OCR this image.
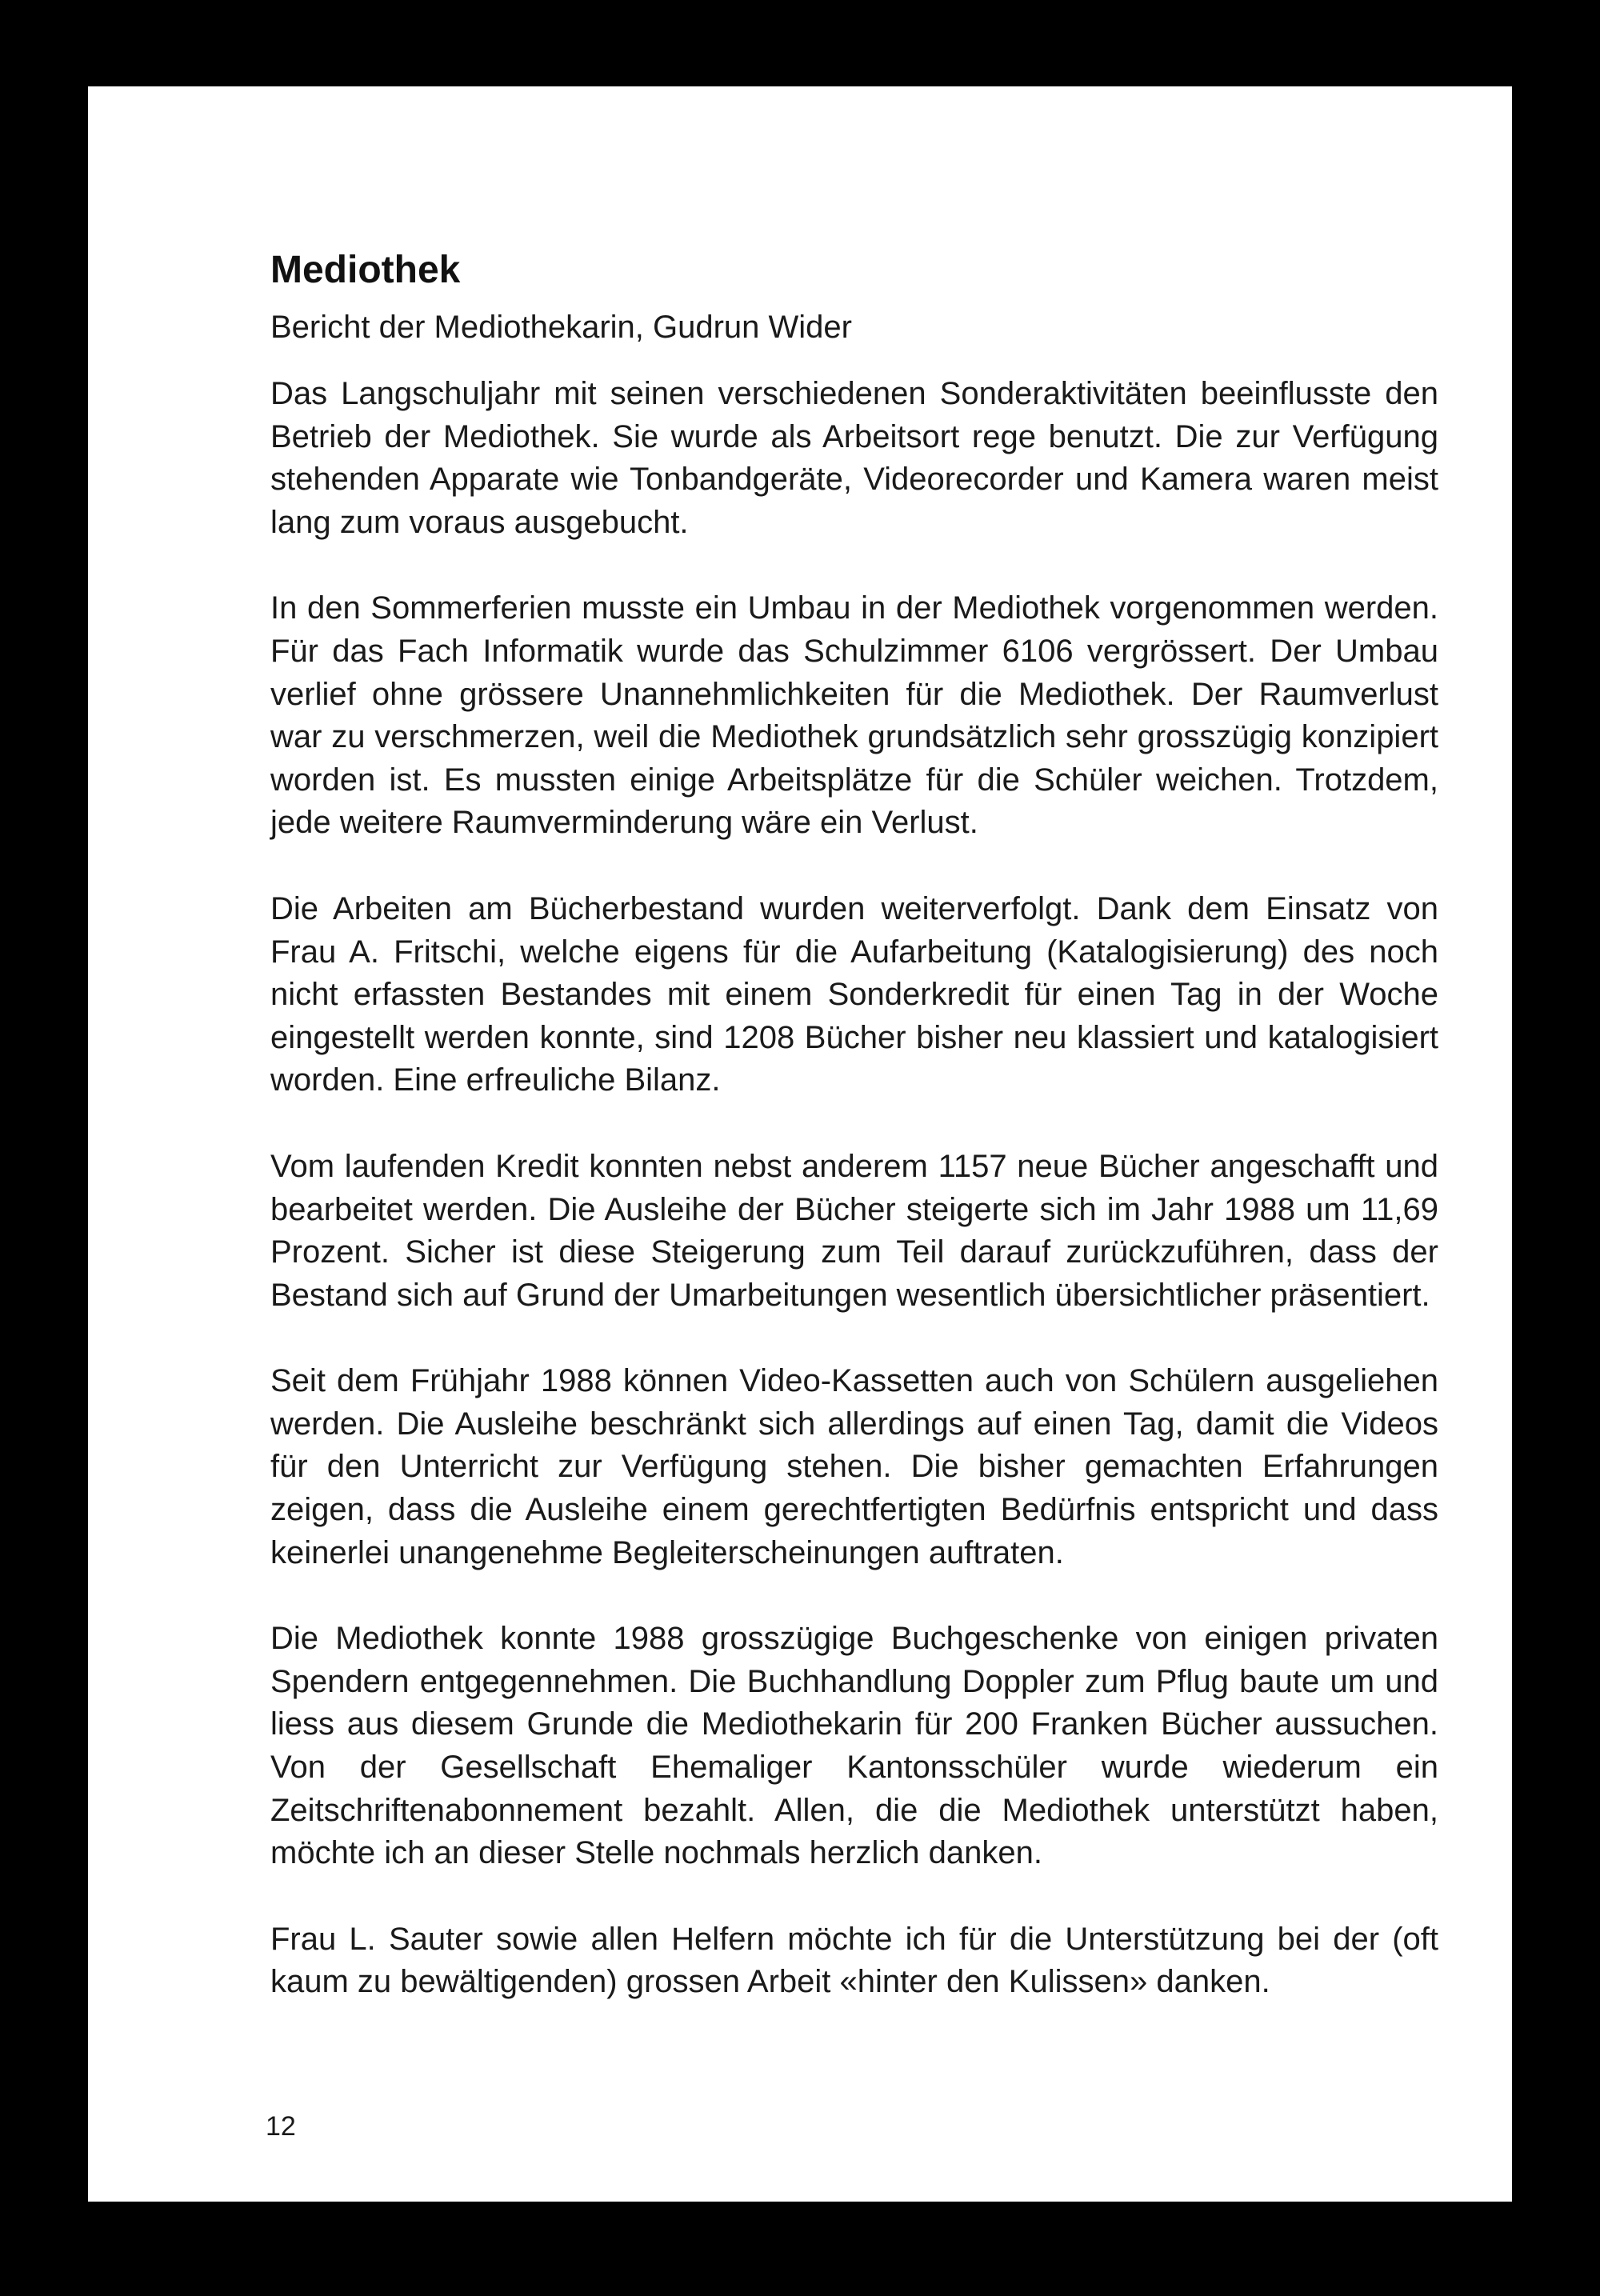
Mediothek
Bericht der Mediothekarin, Gudrun Wider

Das Langschuljahr mit seinen verschiedenen Sonderaktivitäten beeinflusste den Betrieb der Mediothek. Sie wurde als Arbeitsort rege benutzt. Die zur Verfügung stehenden Apparate wie Tonbandgeräte, Videorecorder und Kamera waren meist lang zum voraus ausgebucht.

In den Sommerferien musste ein Umbau in der Mediothek vorgenommen werden. Für das Fach Informatik wurde das Schulzimmer 6106 vergrössert. Der Umbau verlief ohne grössere Unannehmlichkeiten für die Mediothek. Der Raumverlust war zu verschmerzen, weil die Mediothek grundsätzlich sehr grosszügig konzipiert worden ist. Es mussten einige Arbeitsplätze für die Schüler weichen. Trotzdem, jede weitere Raumverminderung wäre ein Verlust.

Die Arbeiten am Bücherbestand wurden weiterverfolgt. Dank dem Einsatz von Frau A. Fritschi, welche eigens für die Aufarbeitung (Katalogisierung) des noch nicht erfassten Bestandes mit einem Sonderkredit für einen Tag in der Woche eingestellt werden konnte, sind 1208 Bücher bisher neu klassiert und katalogisiert worden. Eine erfreuliche Bilanz.

Vom laufenden Kredit konnten nebst anderem 1157 neue Bücher angeschafft und bearbeitet werden. Die Ausleihe der Bücher steigerte sich im Jahr 1988 um 11,69 Prozent. Sicher ist diese Steigerung zum Teil darauf zurückzuführen, dass der Bestand sich auf Grund der Umarbeitungen wesentlich übersichtlicher präsentiert.

Seit dem Frühjahr 1988 können Video-Kassetten auch von Schülern ausgeliehen werden. Die Ausleihe beschränkt sich allerdings auf einen Tag, damit die Videos für den Unterricht zur Verfügung stehen. Die bisher gemachten Erfahrungen zeigen, dass die Ausleihe einem gerechtfertigten Bedürfnis entspricht und dass keinerlei unangenehme Begleiterscheinungen auftraten.

Die Mediothek konnte 1988 grosszügige Buchgeschenke von einigen privaten Spendern entgegennehmen. Die Buchhandlung Doppler zum Pflug baute um und liess aus diesem Grunde die Mediothekarin für 200 Franken Bücher aussuchen. Von der Gesellschaft Ehemaliger Kantonsschüler wurde wiederum ein Zeitschriftenabonnement bezahlt. Allen, die die Mediothek unterstützt haben, möchte ich an dieser Stelle nochmals herzlich danken.

Frau L. Sauter sowie allen Helfern möchte ich für die Unterstützung bei der (oft kaum zu bewältigenden) grossen Arbeit «hinter den Kulissen» danken.

12
